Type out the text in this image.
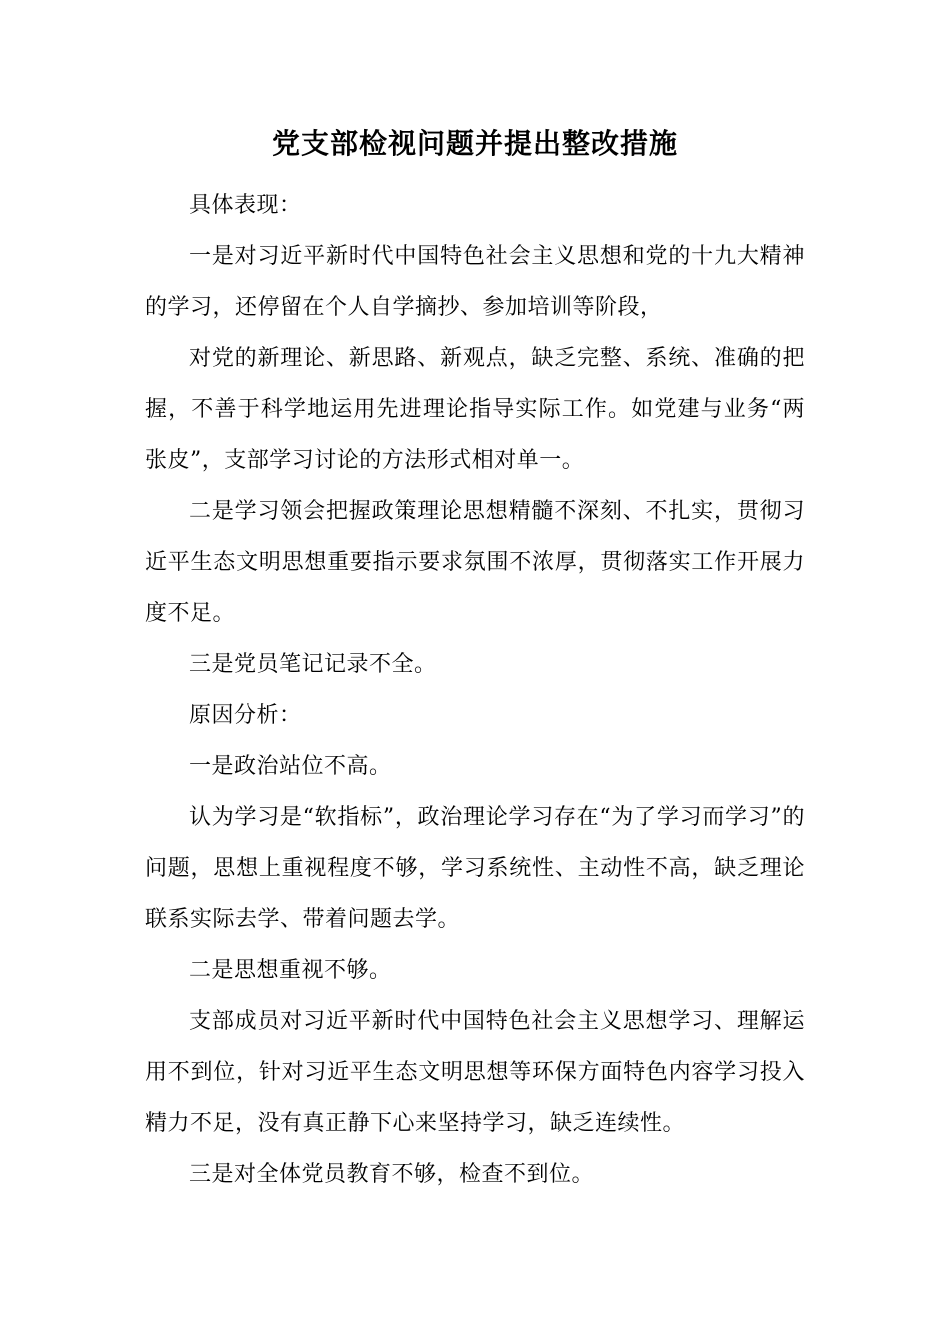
党支部检视问题并提出整改措施

具体表现：

一是对习近平新时代中国特色社会主义思想和党的十九大精神的学习，还停留在个人自学摘抄、参加培训等阶段，

对党的新理论、新思路、新观点，缺乏完整、系统、准确的把握，不善于科学地运用先进理论指导实际工作。如党建与业务“两张皮”，支部学习讨论的方法形式相对单一。

二是学习领会把握政策理论思想精髓不深刻、不扎实，贯彻习近平生态文明思想重要指示要求氛围不浓厚，贯彻落实工作开展力度不足。

三是党员笔记记录不全。

原因分析：

一是政治站位不高。

认为学习是“软指标”，政治理论学习存在“为了学习而学习”的问题，思想上重视程度不够，学习系统性、主动性不高，缺乏理论联系实际去学、带着问题去学。

二是思想重视不够。

支部成员对习近平新时代中国特色社会主义思想学习、理解运用不到位，针对习近平生态文明思想等环保方面特色内容学习投入精力不足，没有真正静下心来坚持学习，缺乏连续性。

三是对全体党员教育不够，检查不到位。
